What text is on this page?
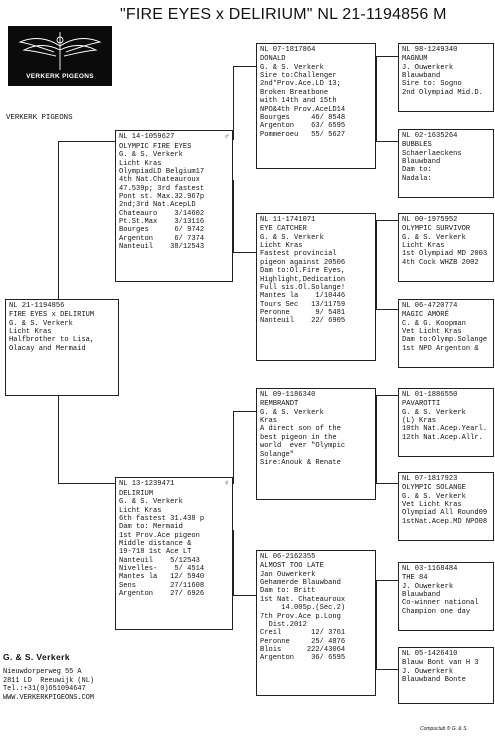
"FIRE EYES x DELIRIUM" NL 21-1194856 M
VERKERK PIGEONS
VERKERK PIGEONS
NL 21-1194856
FIRE EYES x DELIRIUM
G. & S. Verkerk
Licht Kras
Halfbrother to Lisa,
Olacay and Mermaid
NL 14-1059627	♂
OLYMPIC FIRE EYES
G. & S. Verkerk
Licht Kras
OlympiadLD Belgium17
4th Nat.Chateauroux
47.539p; 3rd fastest
Pont st. Max.32.967p
2nd;3rd Nat.AcepLD
Chateauro    3/14602
Pt.St.Max    3/13116
Bourges      6/ 9742
Argenton     6/ 7374
Nanteuil    38/12543
NL 13-1239471	♀
DELIRIUM
G. & S. Verkerk
Licht Kras
6th fastest 31.438 p
Dam to: Mermaid
1st Prov.Ace pigeon
Middle distance &
19-718 1st Ace LT
Nanteuil    5/12543
Nivelles-    5/ 4514
Mantes la   12/ 5940
Sens        27/11608
Argenton    27/ 6926
NL 07-1817864
DONALD
G. & S. Verkerk
Sire to:Challenger
2nd*Prov.Ace.LD 13;
Broken Breatbone
with 14th and 15th
NPO&4th Prov.AceLD14
Bourges     46/ 8548
Argenton    63/ 6595
Pommeroeu   55/ 5627
NL 11-1741071
EYE CATCHER
G. & S. Verkerk
Licht Kras
Fastest provincial
pigeon against 20506
Dam to:Ol.Fire Eyes,
Highlight,Dedication
Full sis.Ol.Solange!
Mantes la    1/10446
Tours Sec   13/11759
Peronne      9/ 5481
Nanteuil    22/ 6905
NL 09-1186340
REMBRANDT
G. & S. Verkerk
Kras
A direct son of the
best pigeon in the
world  ever "Olympic
Solange"
Sire:Anouk & Renate
NL 06-2162355
ALMOST TOO LATE
Jan Ouwerkerk
Gehamerde Blauwband
Dam to: Britt
1st Nat. Chateauroux
14.005p.(Sec.2)
7th Prov.Ace p.Long
Dist.2012
Creil       12/ 3761
Peronne     25/ 4876
Blois      222/43064
Argenton    36/ 6595
NL 98-1249340
MAGNUM
J. Ouwerkerk
Blauwband
Sire to: Sogno
2nd Olympiad Mid.D.
NL 02-1635264
BUBBLES
Schaerlaeckens
Blauwband
Dam to:
Nadala:
NL 00-1975952
OLYMPIC SURVIVOR
G. & S. Verkerk
Licht Kras
1st Olympiad MD 2003
4th Cock WHZB 2002
NL 06-4720774
MAGIC AMORÉ
C. & G. Koopman
Vet Licht Kras
Dam to:Olymp.Solange
1st NPO Argenton &
NL 01-1886550
PAVAROTTI
G. & S. Verkerk
(L) Kras
10th Nat.Acep.Yearl.
12th Nat.Acep.Allr.
NL 07-1817923
OLYMPIC SOLANGE
G. & S. Verkerk
Vet Licht Kras
Olympiad All Round09
1stNat.Acep.MD NPO08
NL 03-1168484
THE 84
J. Ouwerkerk
Blauwband
Co-winner national
Champion one day
NL 05-1426410
Blauw Bont van H 3
J. Ouwerkerk
Blauwband Bonte
G. & S. Verkerk
Nieuwdorperweg 55 A
2811 LD  Reeuwijk (NL)
Tel.:+31(0)651094647
WWW.VERKERKPIGEONS.COM
Compuclub ® G. & S.
